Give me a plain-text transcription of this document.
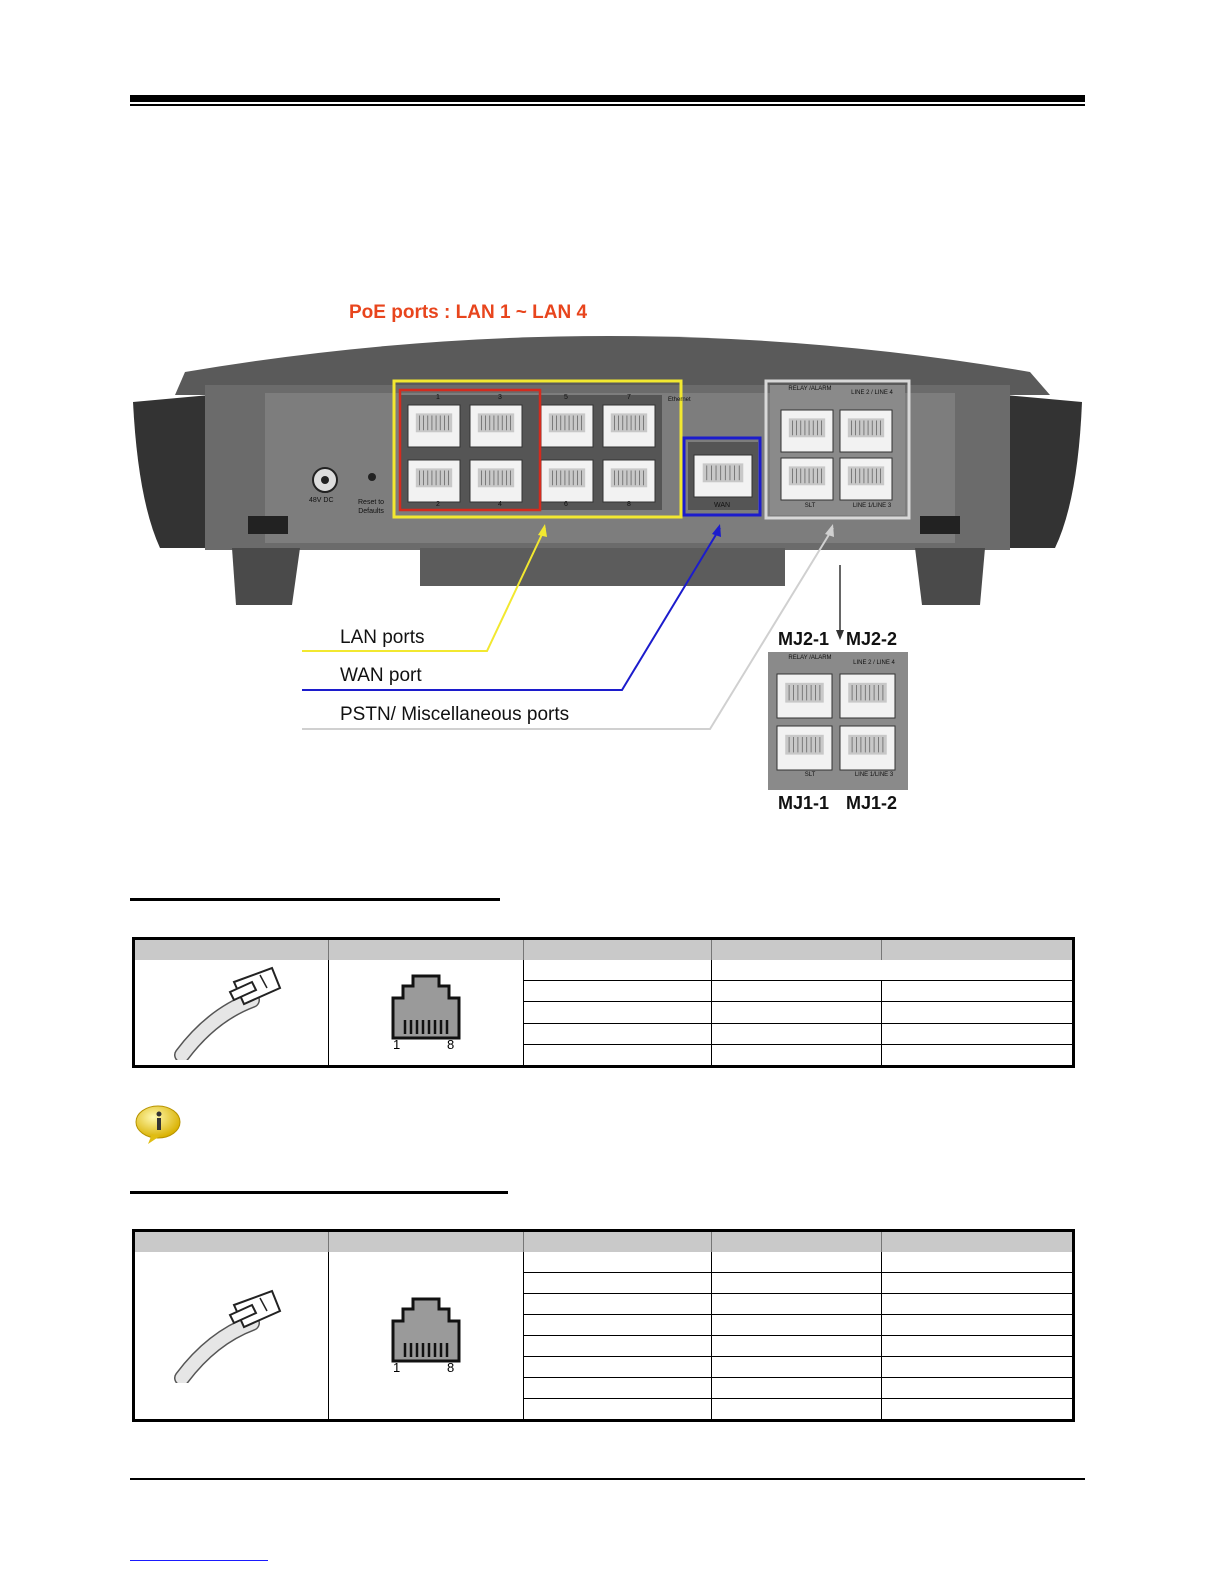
PoE ports : LAN 1 ~ LAN 4
48V DC	Reset to
Defaults
Ethernet
WAN
1	3	5	7
2	4	6	8
RELAY /ALARM
LINE 2 / LINE 4
SLT	LINE 1/LINE 3
LAN ports
WAN port
PSTN/ Miscellaneous ports
MJ2-1 MJ2-2
MJ1-1 MJ1-2
RELAY /ALARM
LINE 2 / LINE 4
SLT	LINE 1/LINE 3

1 8			

1 8			
